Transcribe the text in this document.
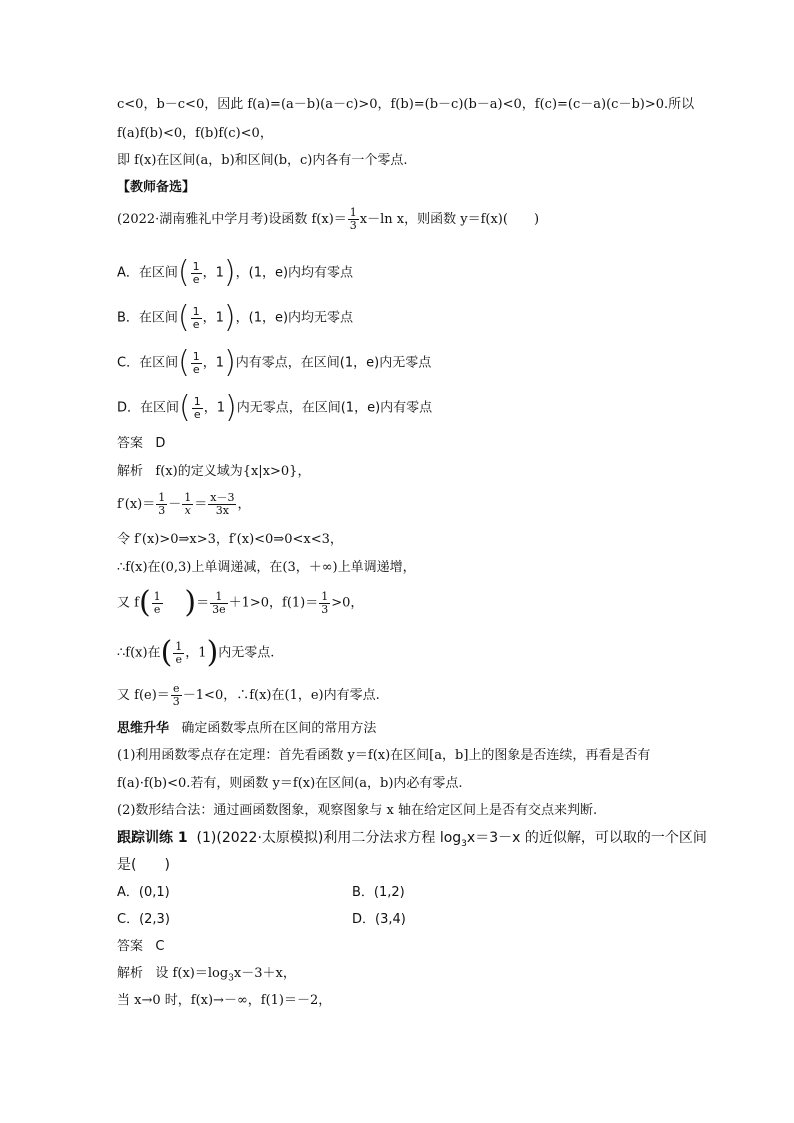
c<0，b－c<0，因此 f(a)=(a－b)(a－c)>0，f(b)=(b－c)(b－a)<0，f(c)=(c－a)(c－b)>0.所以
f(a)f(b)<0，f(b)f(c)<0，
即 f(x)在区间(a，b)和区间(b，c)内各有一个零点.
【教师备选】
(2022·湖南雅礼中学月考)设函数 $f(x)= \frac{1}{3} x-\ln$ x，则函数 y＝f(x)(　　)
A．在区间( $\frac{1}{e}$ ，1)，(1，e)内均有零点
B．在区间( $\frac{1}{e}$ ，1)，(1，e)内均无零点
C．在区间( $\frac{1}{e}$ ，1)内有零点，在区间(1，e)内无零点
D．在区间( $\frac{1}{e}$ ，1)内无零点，在区间(1，e)内有零点
答案 D
解析 f(x)的定义域为{x|x>0}，
$f'(x)= \frac{1}{3} - \frac{1}{x} = \frac{x-3}{3x}$ ，
令 f′(x)>0⇒x>3，f′(x)<0⇒0<x<3，
∴f(x)在(0,3)上单调递减，在(3，＋∞)上单调递增，
又 $f( \frac{1}{e}$ )＝ $\frac{1}{3e} +1>0$，$f(1)= \frac{1}{3} >0$，
∴f(x)在( $\frac{1}{e}$ ，1)内无零点.
又 $f(e)= \frac{e}{3} -1<0$，∴f(x)在(1，e)内有零点.
思维升华 确定函数零点所在区间的常用方法
(1)利用函数零点存在定理：首先看函数 y＝f(x)在区间[a，b]上的图象是否连续，再看是否有
f(a)·f(b)<0.若有，则函数 y＝f(x)在区间(a，b)内必有零点.
(2)数形结合法：通过画函数图象，观察图象与 x 轴在给定区间上是否有交点来判断.
跟踪训练 1 (1)(2022·太原模拟)利用二分法求方程 $\log_3x=3-x$ 的近似解，可以取的一个区间
是(　　)
A．(0,1)	B．(1,2)
C．(2,3)	D．(3,4)
答案 C
解析 设 $f(x)=\log_3x-3+x$，
当 x→0 时，f(x)→－∞，f(1)＝－2，
